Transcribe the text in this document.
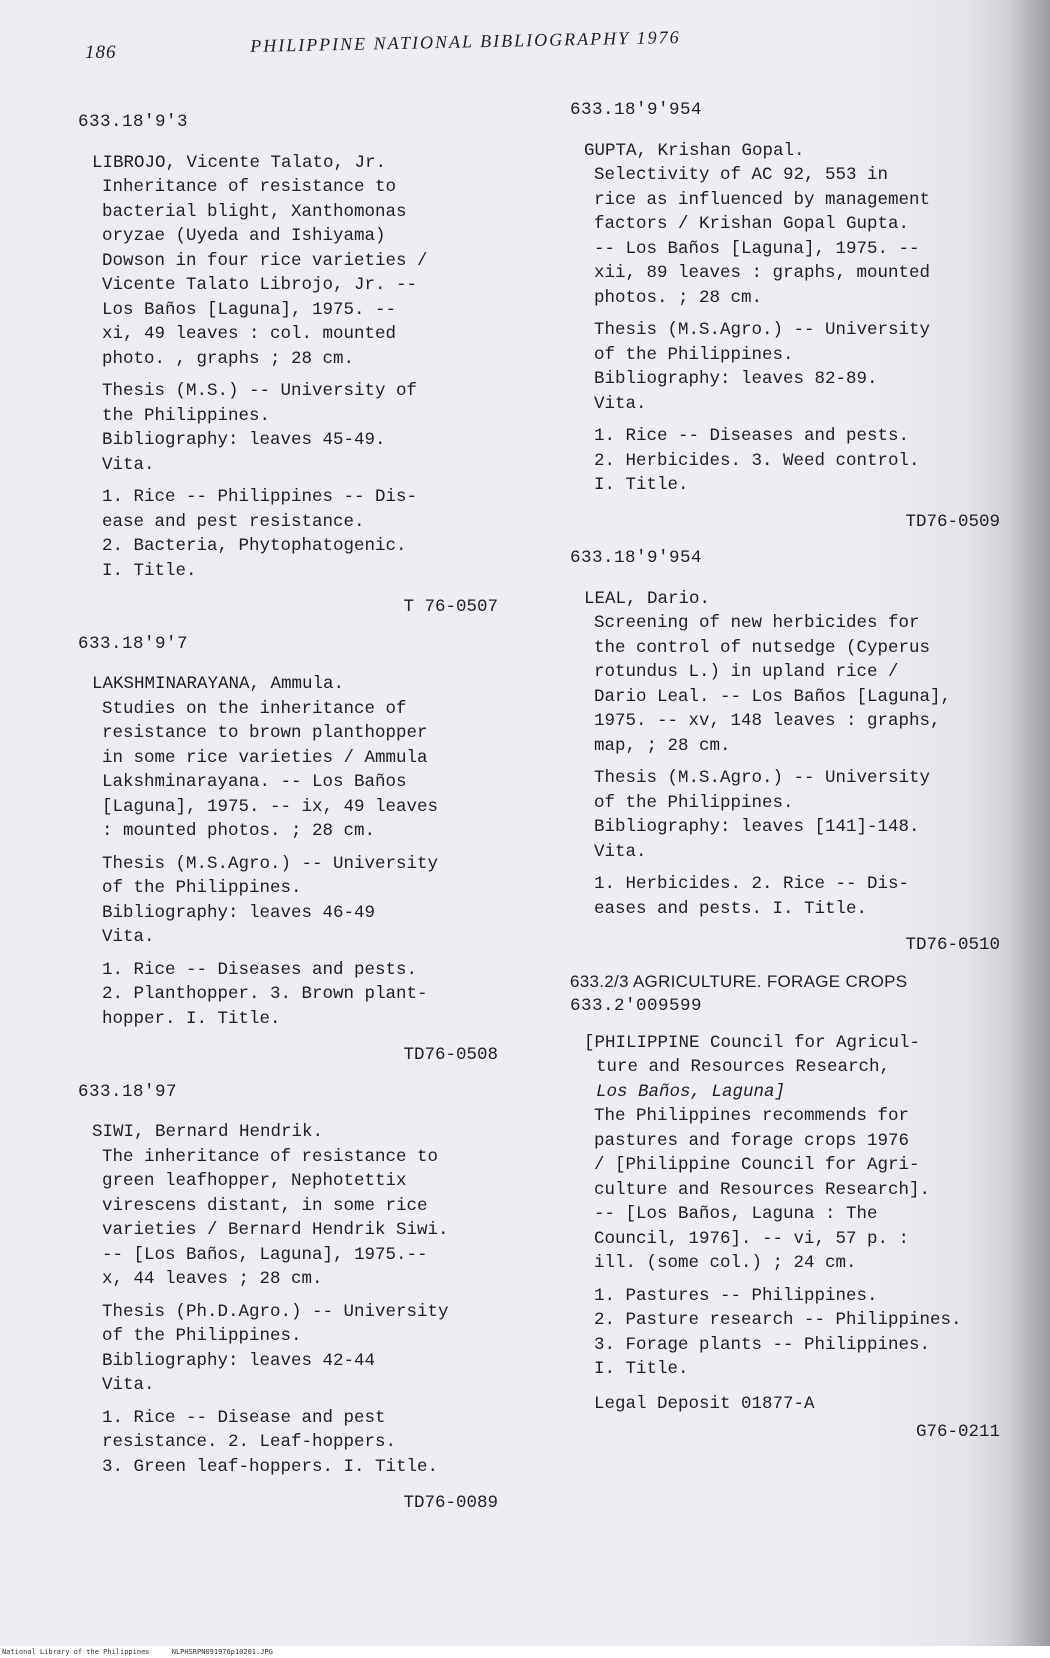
186	PHILIPPINE NATIONAL BIBLIOGRAPHY 1976
633.18'9'3
LIBROJO, Vicente Talato, Jr.
Inheritance of resistance to
bacterial blight, Xanthomonas
oryzae (Uyeda and Ishiyama)
Dowson in four rice varieties /
Vicente Talato Librojo, Jr. --
Los Baños [Laguna], 1975. --
xi, 49 leaves : col. mounted
photo. , graphs ; 28 cm.
Thesis (M.S.) -- University of
the Philippines.
Bibliography: leaves 45-49.
Vita.
1. Rice -- Philippines -- Dis-
ease and pest resistance.
2. Bacteria, Phytophatogenic.
I. Title.
T 76-0507
633.18'9'7
LAKSHMINARAYANA, Ammula.
Studies on the inheritance of
resistance to brown planthopper
in some rice varieties / Ammula
Lakshminarayana. -- Los Baños
[Laguna], 1975. -- ix, 49 leaves
: mounted photos. ; 28 cm.
Thesis (M.S.Agro.) -- University
of the Philippines.
Bibliography: leaves 46-49
Vita.
1. Rice -- Diseases and pests.
2. Planthopper. 3. Brown plant-
hopper. I. Title.
TD76-0508
633.18'97
SIWI, Bernard Hendrik.
The inheritance of resistance to
green leafhopper, Nephotettix
virescens distant, in some rice
varieties / Bernard Hendrik Siwi.
-- [Los Baños, Laguna], 1975.--
x, 44 leaves ; 28 cm.
Thesis (Ph.D.Agro.) -- University
of the Philippines.
Bibliography: leaves 42-44
Vita.
1. Rice -- Disease and pest
resistance. 2. Leaf-hoppers.
3. Green leaf-hoppers. I. Title.
TD76-0089
633.18'9'954
GUPTA, Krishan Gopal.
Selectivity of AC 92, 553 in
rice as influenced by management
factors / Krishan Gopal Gupta.
-- Los Baños [Laguna], 1975. --
xii, 89 leaves : graphs, mounted
photos. ; 28 cm.
Thesis (M.S.Agro.) -- University
of the Philippines.
Bibliography: leaves 82-89.
Vita.
1. Rice -- Diseases and pests.
2. Herbicides. 3. Weed control.
I. Title.
TD76-0509
633.18'9'954
LEAL, Dario.
Screening of new herbicides for
the control of nutsedge (Cyperus
rotundus L.) in upland rice /
Dario Leal. -- Los Baños [Laguna],
1975. -- xv, 148 leaves : graphs,
map, ; 28 cm.
Thesis (M.S.Agro.) -- University
of the Philippines.
Bibliography: leaves [141]-148.
Vita.
1. Herbicides. 2. Rice -- Dis-
eases and pests. I. Title.
TD76-0510
633.2/3 AGRICULTURE. FORAGE CROPS
633.2'009599
[PHILIPPINE Council for Agricul-
ture and Resources Research,
Los Baños, Laguna]
The Philippines recommends for
pastures and forage crops 1976
/ [Philippine Council for Agri-
culture and Resources Research].
-- [Los Baños, Laguna : The
Council, 1976]. -- vi, 57 p. :
ill. (some col.) ; 24 cm.
1. Pastures -- Philippines.
2. Pasture research -- Philippines.
3. Forage plants -- Philippines.
I. Title.
Legal Deposit 01877-A
G76-0211
National Library of the Philippines	NLPHSRPN091976p10201.JPG
